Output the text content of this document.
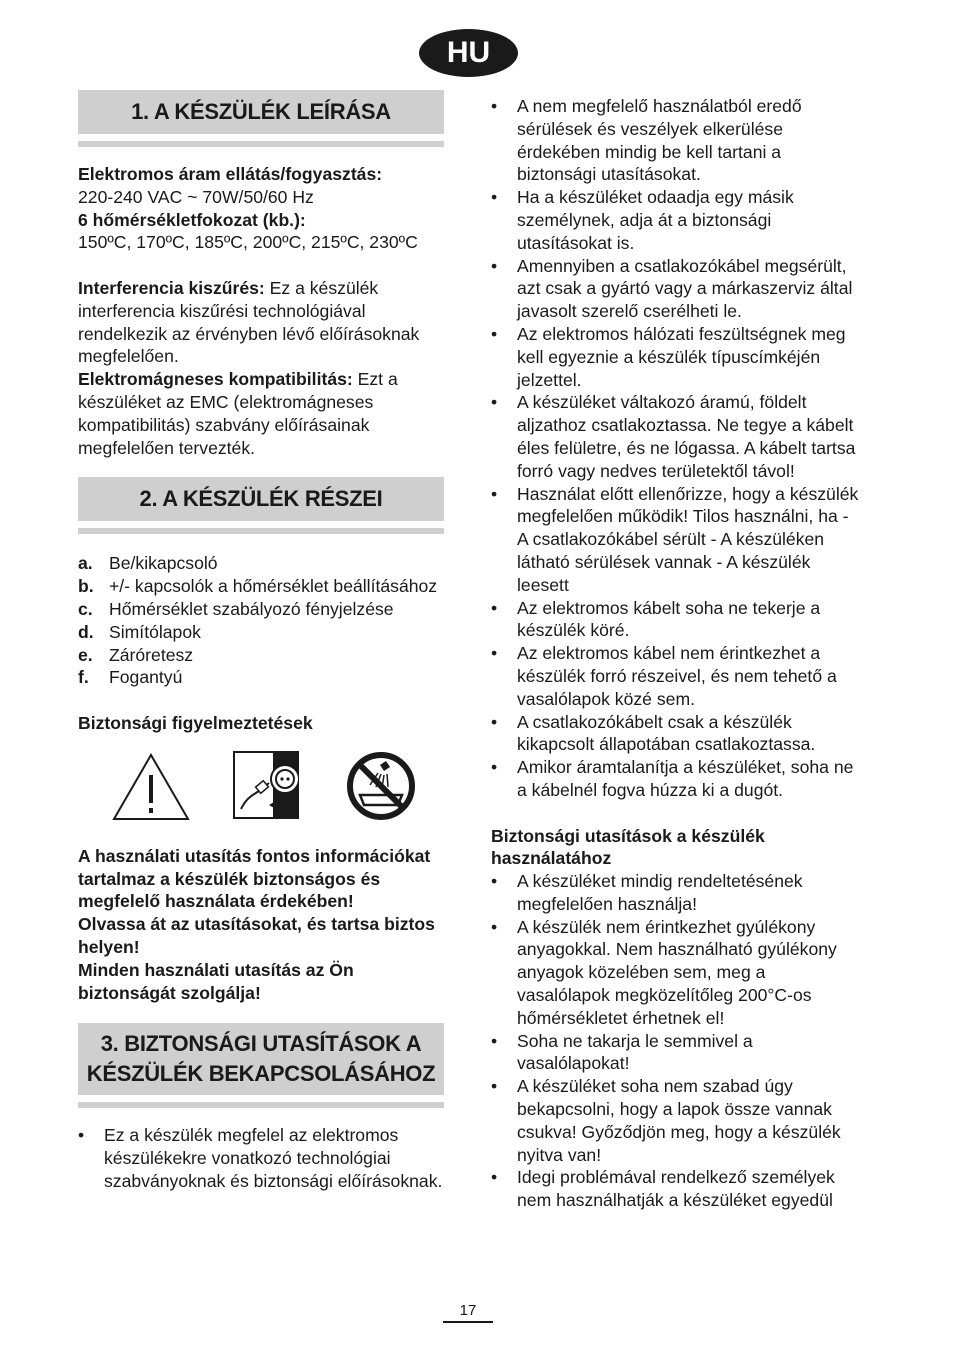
HU
1. A KÉSZÜLÉK LEÍRÁSA

Elektromos áram ellátás/fogyasztás:

220-240 VAC ~ 70W/50/60 Hz

6 hőmérsékletfokozat (kb.):

150ºC, 170ºC, 185ºC, 200ºC, 215ºC, 230ºC

Interferencia kiszűrés: Ez a készülék interferencia kiszűrési technológiával rendelkezik az érvényben lévő előírásoknak megfelelően.

Elektromágneses kompatibilitás: Ezt a készüléket az EMC (elektromágneses kompatibilitás) szabvány előírásainak megfelelően tervezték.

2. A KÉSZÜLÉK RÉSZEI
a. Be/kikapcsoló
b. +/- kapcsolók a hőmérséklet beállításához
c. Hőmérséklet szabályozó fényjelzése
d. Simítólapok
e. Záróretesz
f. Fogantyú

Biztonsági figyelmeztetések

A használati utasítás fontos információkat tartalmaz a készülék biztonságos és megfelelő használata érdekében!

Olvassa át az utasításokat, és tartsa biztos helyen!

Minden használati utasítás az Ön biztonságát szolgálja!

3. BIZTONSÁGI UTASÍTÁSOK A
KÉSZÜLÉK BEKAPCSOLÁSÁHOZ
• Ez a készülék megfelel az elektromos készülékekre vonatkozó technológiai szabványoknak és biztonsági előírásoknak.
• A nem megfelelő használatból eredő sérülések és veszélyek elkerülése érdekében mindig be kell tartani a biztonsági utasításokat.
• Ha a készüléket odaadja egy másik személynek, adja át a biztonsági utasításokat is.
• Amennyiben a csatlakozókábel megsérült, azt csak a gyártó vagy a márkaszerviz által javasolt szerelő cserélheti le.
• Az elektromos hálózati feszültségnek meg kell egyeznie a készülék típuscímkéjén jelzettel.
• A készüléket váltakozó áramú, földelt aljzathoz csatlakoztassa. Ne tegye a kábelt éles felületre, és ne lógassa. A kábelt tartsa forró vagy nedves területektől távol!
• Használat előtt ellenőrizze, hogy a készülék megfelelően működik! Tilos használni, ha - A csatlakozókábel sérült - A készüléken látható sérülések vannak - A készülék leesett
• Az elektromos kábelt soha ne tekerje a készülék köré.
• Az elektromos kábel nem érintkezhet a készülék forró részeivel, és nem tehető a vasalólapok közé sem.
• A csatlakozókábelt csak a készülék kikapcsolt állapotában csatlakoztassa.
• Amikor áramtalanítja a készüléket, soha ne a kábelnél fogva húzza ki a dugót.

Biztonsági utasítások a készülék használatához

• A készüléket mindig rendeltetésének megfelelően használja!
• A készülék nem érintkezhet gyúlékony anyagokkal. Nem használható gyúlékony anyagok közelében sem, meg a vasalólapok megközelítőleg 200°C-os hőmérsékletet érhetnek el!
• Soha ne takarja le semmivel a vasalólapokat!
• A készüléket soha nem szabad úgy bekapcsolni, hogy a lapok össze vannak csukva! Győződjön meg, hogy a készülék nyitva van!
• Idegi problémával rendelkező személyek nem használhatják a készüléket egyedül
17
